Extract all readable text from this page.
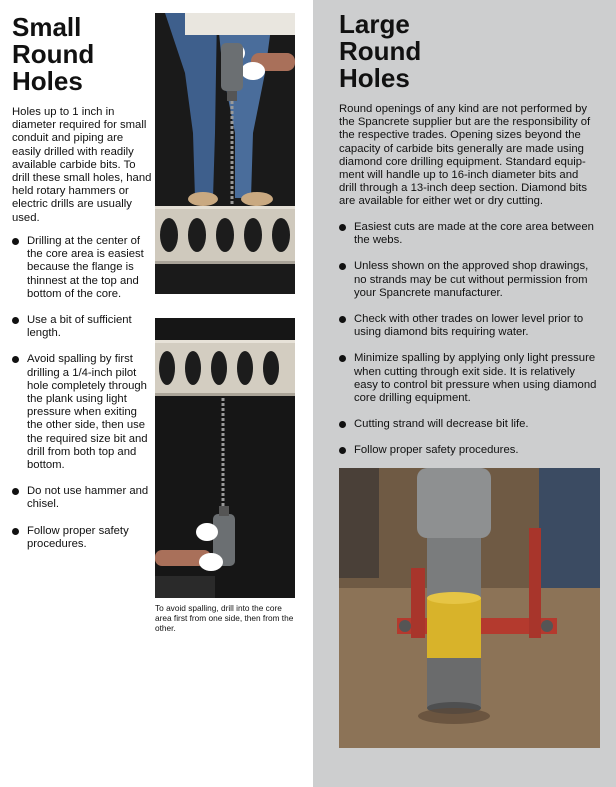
Small
Round
Holes

Holes up to 1 inch in diameter required for small conduit and piping are easily drilled with readily available carbide bits. To drill these small holes, hand held rotary hammers or electric drills are usually used.

Drilling at the center of the core area is easiest because the flange is thinnest at the top and bottom of the core.
Use a bit of sufficient length.
Avoid spalling by first drilling a 1/4-inch pilot hole completely through the plank using light pressure when exiting the other side, then use the required size bit and drill from both top and bottom.
Do not use hammer and chisel.
Follow proper safety procedures.
To avoid spalling, drill into the core area first from one side, then from the other.
Large
Round
Holes

Round openings of any kind are not performed by the Spancrete supplier but are the responsibility of the respective trades. Opening sizes beyond the capacity of carbide bits generally are made using diamond core drilling equipment. Standard equip-ment will handle up to 16-inch diameter bits and drill through a 13-inch deep section. Diamond bits are available for either wet or dry cutting.

Easiest cuts are made at the core area between the webs.
Unless shown on the approved shop drawings, no strands may be cut without permission from your Spancrete manufacturer.
Check with other trades on lower level prior to using diamond bits requiring water.
Minimize spalling by applying only light pressure when cutting through exit side. It is relatively easy to control bit pressure when using diamond core drilling equipment.
Cutting strand will decrease bit life.
Follow proper safety procedures.
